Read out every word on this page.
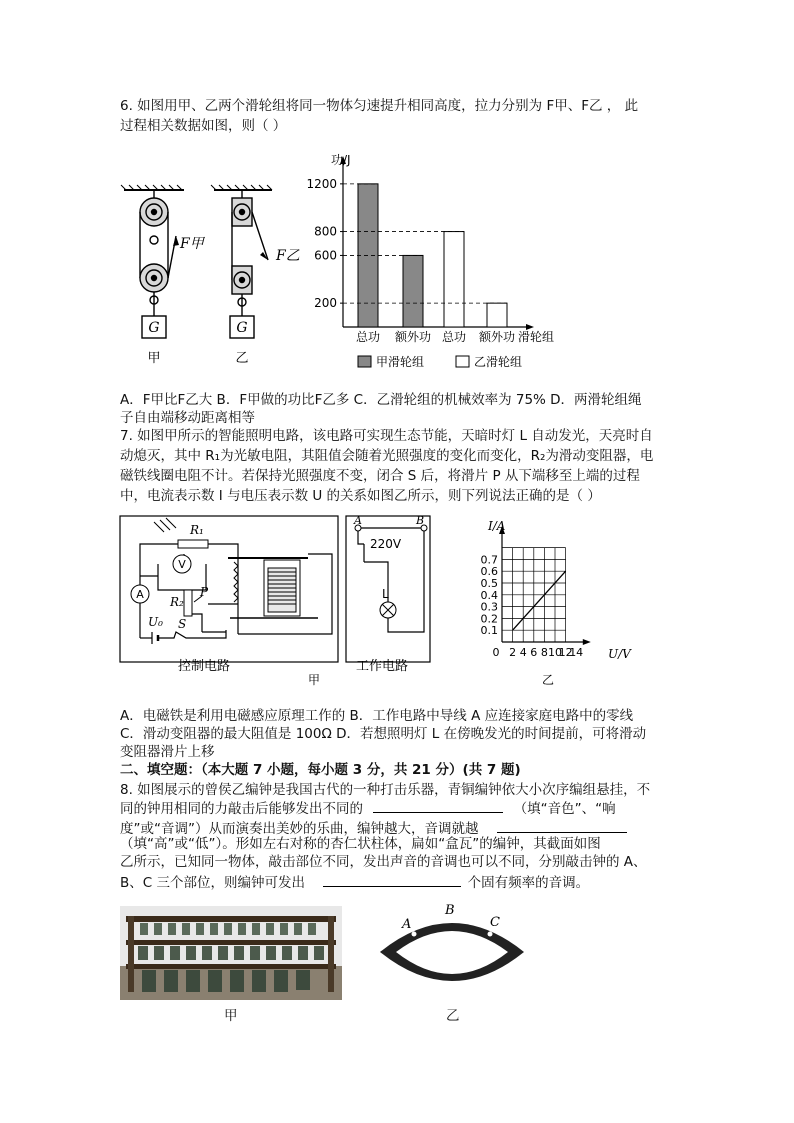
6. 如图用甲、乙两个滑轮组将同一物体匀速提升相同高度，拉力分别为 F甲、F乙 ， 此
过程相关数据如图，则（ ）
F甲
G
甲
F乙
G
乙
功/J
总功 额外功 总功 额外功
200
600
800
1200
滑轮组
甲滑轮组	乙滑轮组
A．F甲比F乙大 B．F甲做的功比F乙多 C．乙滑轮组的机械效率为 75% D．两滑轮组绳
子自由端移动距离相等
7. 如图甲所示的智能照明电路，该电路可实现生态节能，天暗时灯 L 自动发光，天亮时自
动熄灭，其中 R₁为光敏电阻，其阻值会随着光照强度的变化而变化，R₂为滑动变阻器，电
磁铁线圈电阻不计。若保持光照强度不变，闭合 S 后，将滑片 P 从下端移至上端的过程
中，电流表示数 I 与电压表示数 U 的关系如图乙所示，则下列说法正确的是（ ）
R₁
V
A
R₂
P
U₀ S
A	B
220V
L
控制电路	工作电路
甲
0.7
0.6
0.5
0.4
0.3
0.2
0.1
0 2 4 6 8 10
12
14
I/A
U/V
乙
A．电磁铁是利用电磁感应原理工作的 B．工作电路中导线 A 应连接家庭电路中的零线
C．滑动变阻器的最大阻值是 100Ω D．若想照明灯 L 在傍晚发光的时间提前，可将滑动
变阻器滑片上移
二、填空题：（本大题 7 小题，每小题 3 分，共 21 分）(共 7 题)
8. 如图展示的曾侯乙编钟是我国古代的一种打击乐器，青铜编钟依大小次序编组悬挂，不
同的钟用相同的力敲击后能够发出不同的	（填“音色”、“响
度”或“音调”）从而演奏出美妙的乐曲，编钟越大，音调就越
（填“高”或“低”）。形如左右对称的杏仁状柱体，扁如“盒瓦”的编钟，其截面如图
乙所示，已知同一物体，敲击部位不同，发出声音的音调也可以不同，分别敲击钟的 A、
B、C 三个部位，则编钟可发出	个固有频率的音调。
甲
A
B
C
乙
